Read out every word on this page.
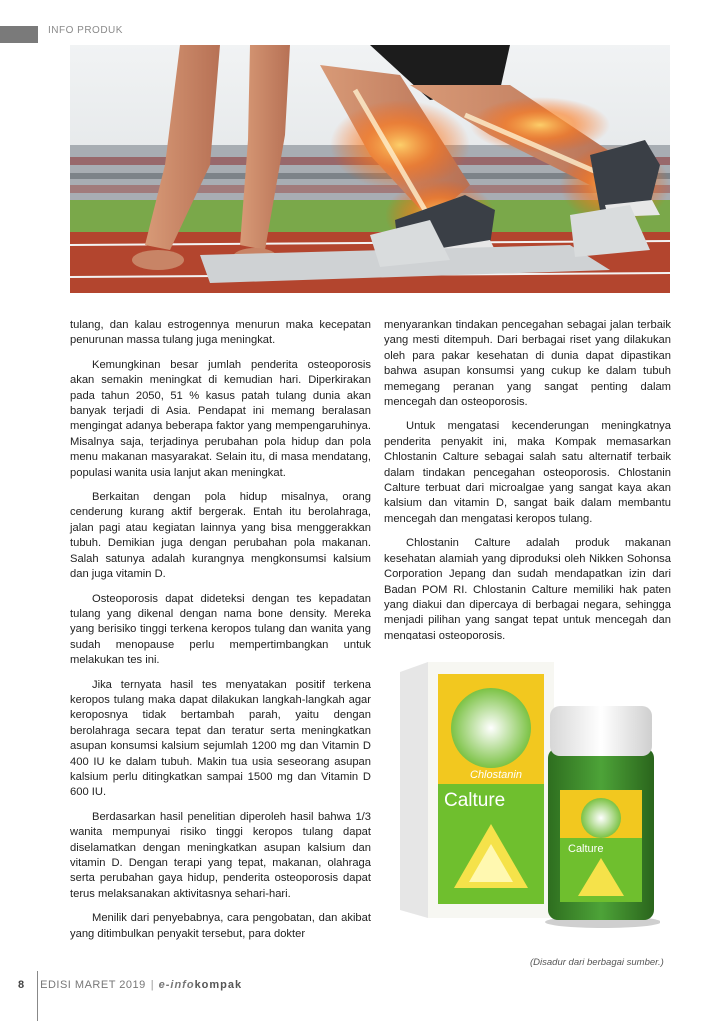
INFO PRODUK

tulang, dan kalau estrogennya menurun maka kecepatan penurunan massa tulang juga meningkat.

Kemungkinan besar jumlah penderita osteoporosis akan semakin meningkat di kemudian hari. Diperkirakan pada tahun 2050, 51 % kasus patah tulang dunia akan banyak terjadi di Asia. Pendapat ini memang beralasan mengingat adanya beberapa faktor yang mempengaruhinya. Misalnya saja, terjadinya perubahan pola hidup dan pola menu makanan masyarakat. Selain itu, di masa mendatang, populasi wanita usia lanjut akan meningkat.

Berkaitan dengan pola hidup misalnya, orang cenderung kurang aktif bergerak. Entah itu berolahraga, jalan pagi atau kegiatan lainnya yang bisa menggerakkan tubuh. Demikian juga dengan perubahan pola makanan. Salah satunya adalah kurangnya mengkonsumsi kalsium dan juga vitamin D.

Osteoporosis dapat dideteksi dengan tes kepadatan tulang yang dikenal dengan nama bone density. Mereka yang berisiko tinggi terkena keropos tulang dan wanita yang sudah menopause perlu mempertimbangkan untuk melakukan tes ini.

Jika ternyata hasil tes menyatakan positif terkena keropos tulang maka dapat dilakukan langkah-langkah agar keroposnya tidak bertambah parah, yaitu dengan berolahraga secara tepat dan teratur serta meningkatkan asupan konsumsi kalsium sejumlah 1200 mg dan Vitamin D 400 IU ke dalam tubuh. Makin tua usia seseorang asupan kalsium perlu ditingkatkan sampai 1500 mg dan Vitamin D 600 IU.

Berdasarkan hasil penelitian diperoleh hasil bahwa 1/3 wanita mempunyai risiko tinggi keropos tulang dapat diselamatkan dengan meningkatkan asupan kalsium dan vitamin D. Dengan terapi yang tepat, makanan, olahraga serta perubahan gaya hidup, penderita osteoporosis dapat terus melaksanakan aktivitasnya sehari-hari.

Menilik dari penyebabnya, cara pengobatan, dan akibat yang ditimbulkan penyakit tersebut, para dokter

menyarankan tindakan pencegahan sebagai jalan terbaik yang mesti ditempuh. Dari berbagai riset yang dilakukan oleh para pakar kesehatan di dunia dapat dipastikan bahwa asupan konsumsi yang cukup ke dalam tubuh memegang peranan yang sangat penting dalam mencegah dan osteoporosis.

Untuk mengatasi kecenderungan meningkatnya penderita penyakit ini, maka Kompak memasarkan Chlostanin Calture sebagai salah satu alternatif terbaik dalam tindakan pencegahan osteoporosis. Chlostanin Calture terbuat dari microalgae yang sangat kaya akan kalsium dan vitamin D, sangat baik dalam membantu mencegah dan mengatasi keropos tulang.

Chlostanin Calture adalah produk makanan kesehatan alamiah yang diproduksi oleh Nikken Sohonsa Corporation Jepang dan sudah mendapatkan izin dari Badan POM RI. Chlostanin Calture memiliki hak paten yang diakui dan dipercaya di berbagai negara, sehingga menjadi pilihan yang sangat tepat untuk mencegah dan mengatasi osteoporosis.

Chlostanin
Calture
Calture
(Disadur dari berbagai sumber.)
8 EDISI MARET 2019 | e-info kompak
